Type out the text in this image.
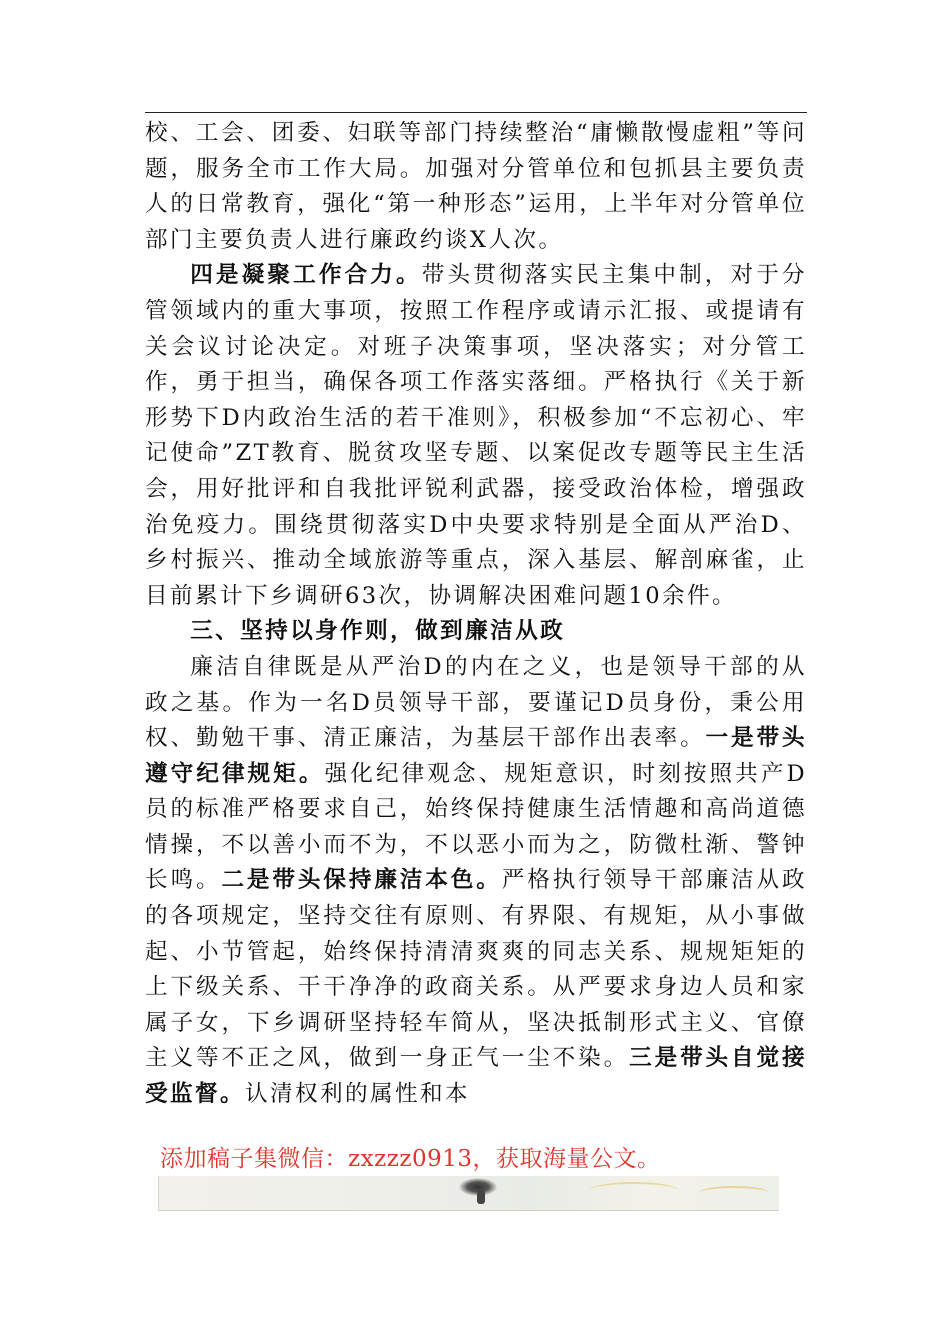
校、工会、团委、妇联等部门持续整治“庸懒散慢虚粗”等问题，服务全市工作大局。加强对分管单位和包抓县主要负责人的日常教育，强化“第一种形态”运用，上半年对分管单位部门主要负责人进行廉政约谈X人次。

四是凝聚工作合力。带头贯彻落实民主集中制，对于分管领域内的重大事项，按照工作程序或请示汇报、或提请有关会议讨论决定。对班子决策事项，坚决落实；对分管工作，勇于担当，确保各项工作落实落细。严格执行《关于新形势下D内政治生活的若干准则》，积极参加“不忘初心、牢记使命”ZT教育、脱贫攻坚专题、以案促改专题等民主生活会，用好批评和自我批评锐利武器，接受政治体检，增强政治免疫力。围绕贯彻落实D中央要求特别是全面从严治D、乡村振兴、推动全域旅游等重点，深入基层、解剖麻雀，止目前累计下乡调研63次，协调解决困难问题10余件。

三、坚持以身作则，做到廉洁从政

廉洁自律既是从严治D的内在之义，也是领导干部的从政之基。作为一名D员领导干部，要谨记D员身份，秉公用权、勤勉干事、清正廉洁，为基层干部作出表率。一是带头遵守纪律规矩。强化纪律观念、规矩意识，时刻按照共产D员的标准严格要求自己，始终保持健康生活情趣和高尚道德情操，不以善小而不为，不以恶小而为之，防微杜渐、警钟长鸣。二是带头保持廉洁本色。严格执行领导干部廉洁从政的各项规定，坚持交往有原则、有界限、有规矩，从小事做起、小节管起，始终保持清清爽爽的同志关系、规规矩矩的上下级关系、干干净净的政商关系。从严要求身边人员和家属子女，下乡调研坚持轻车简从，坚决抵制形式主义、官僚主义等不正之风，做到一身正气一尘不染。三是带头自觉接受监督。认清权利的属性和本

添加稿子集微信：zxzzz0913，获取海量公文。
